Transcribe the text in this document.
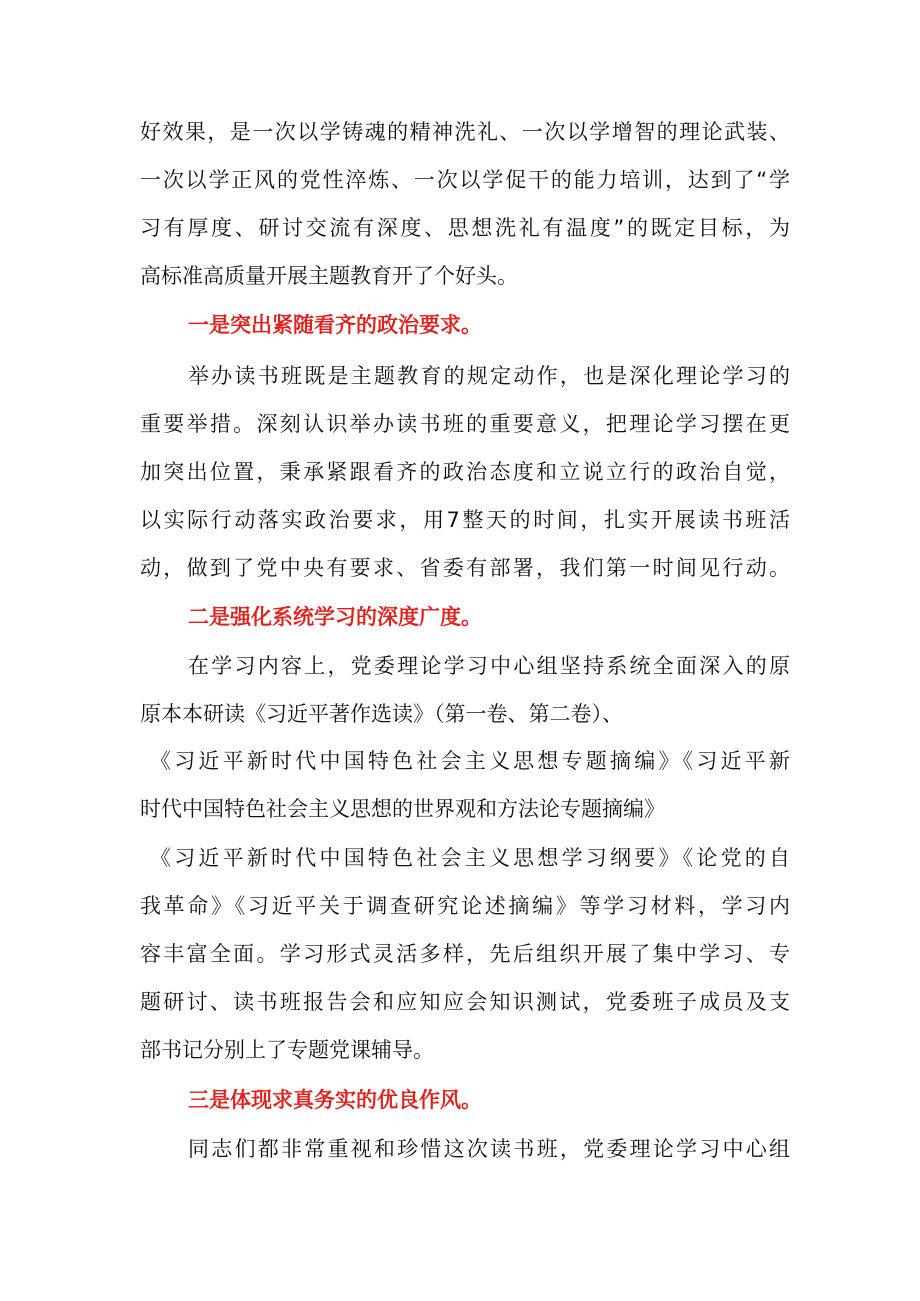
好效果，是一次以学铸魂的精神洗礼、一次以学增智的理论武装、
一次以学正风的党性淬炼、一次以学促干的能力培训，达到了“学
习有厚度、研讨交流有深度、思想洗礼有温度”的既定目标，为
高标准高质量开展主题教育开了个好头。
一是突出紧随看齐的政治要求。
举办读书班既是主题教育的规定动作，也是深化理论学习的
重要举措。深刻认识举办读书班的重要意义，把理论学习摆在更
加突出位置，秉承紧跟看齐的政治态度和立说立行的政治自觉，
以实际行动落实政治要求，用7整天的时间，扎实开展读书班活
动，做到了党中央有要求、省委有部署，我们第一时间见行动。
二是强化系统学习的深度广度。
在学习内容上，党委理论学习中心组坚持系统全面深入的原
原本本研读《习近平著作选读》（第一卷、第二卷）、
《习近平新时代中国特色社会主义思想专题摘编》《习近平新
时代中国特色社会主义思想的世界观和方法论专题摘编》
《习近平新时代中国特色社会主义思想学习纲要》《论党的自
我革命》《习近平关于调查研究论述摘编》等学习材料，学习内
容丰富全面。学习形式灵活多样，先后组织开展了集中学习、专
题研讨、读书班报告会和应知应会知识测试，党委班子成员及支
部书记分别上了专题党课辅导。
三是体现求真务实的优良作风。
同志们都非常重视和珍惜这次读书班，党委理论学习中心组
